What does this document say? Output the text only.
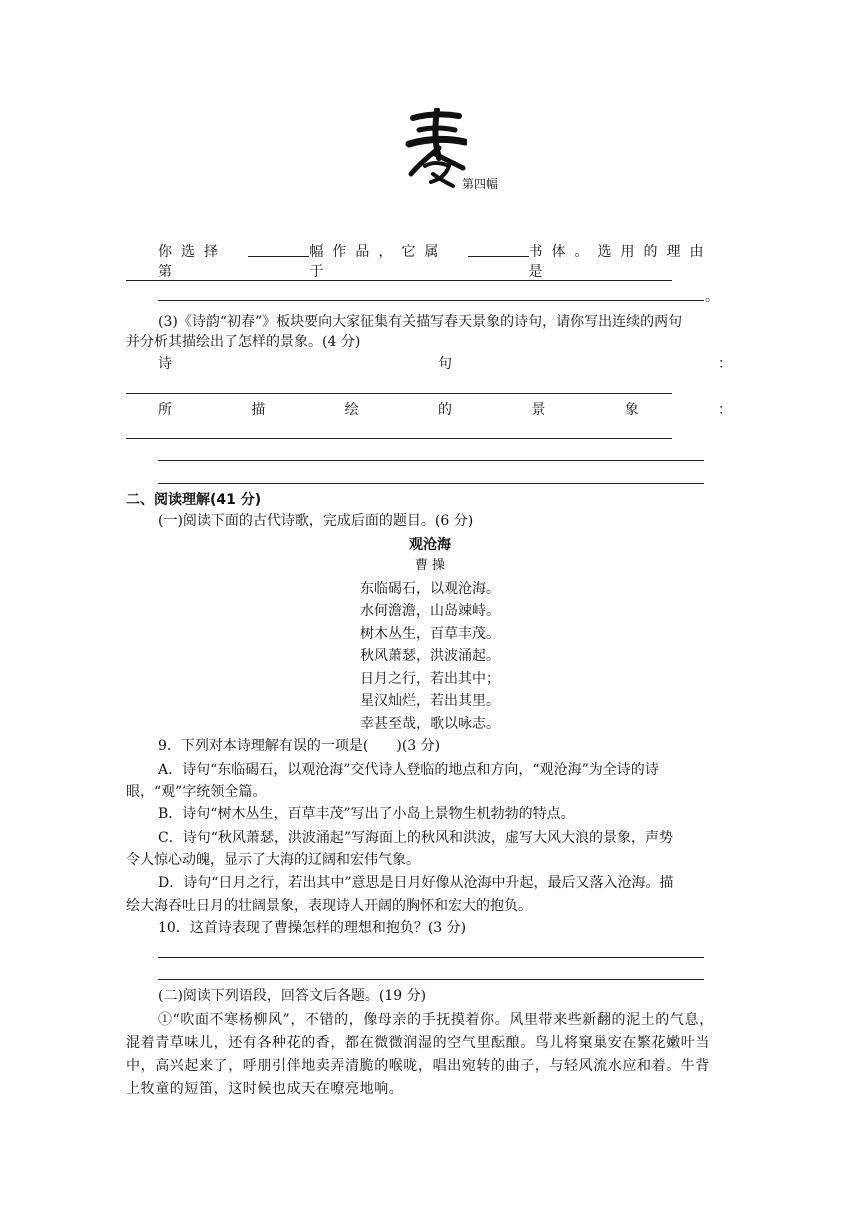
第四幅
你选择第
幅作品，它属于
书体。选用的理由是
。
(3)《诗韵“初春”》板块要向大家征集有关描写春天景象的诗句，请你写出连续的两句
并分析其描绘出了怎样的景象。(4 分)
诗	句	：
所	描	绘	的	景	象	：
二、阅读理解(41 分)
(一)阅读下面的古代诗歌，完成后面的题目。(6 分)
观沧海
曹 操
东临碣石，以观沧海。
水何澹澹，山岛竦峙。
树木丛生，百草丰茂。
秋风萧瑟，洪波涌起。
日月之行，若出其中；
星汉灿烂，若出其里。
幸甚至哉，歌以咏志。
9．下列对本诗理解有误的一项是(　　)(3 分)
A．诗句“东临碣石，以观沧海”交代诗人登临的地点和方向，“观沧海”为全诗的诗
眼，“观”字统领全篇。
B．诗句“树木丛生，百草丰茂”写出了小岛上景物生机勃勃的特点。
C．诗句“秋风萧瑟，洪波涌起”写海面上的秋风和洪波，虚写大风大浪的景象，声势
令人惊心动魄，显示了大海的辽阔和宏伟气象。
D．诗句“日月之行，若出其中”意思是日月好像从沧海中升起，最后又落入沧海。描
绘大海吞吐日月的壮阔景象，表现诗人开阔的胸怀和宏大的抱负。
10．这首诗表现了曹操怎样的理想和抱负？(3 分)
(二)阅读下列语段，回答文后各题。(19 分)
①“吹面不寒杨柳风”，不错的，像母亲的手抚摸着你。风里带来些新翻的泥土的气息，
混着青草味儿，还有各种花的香，都在微微润湿的空气里酝酿。鸟儿将窠巢安在繁花嫩叶当
中，高兴起来了，呼朋引伴地卖弄清脆的喉咙，唱出宛转的曲子，与轻风流水应和着。牛背
上牧童的短笛，这时候也成天在嘹亮地响。
